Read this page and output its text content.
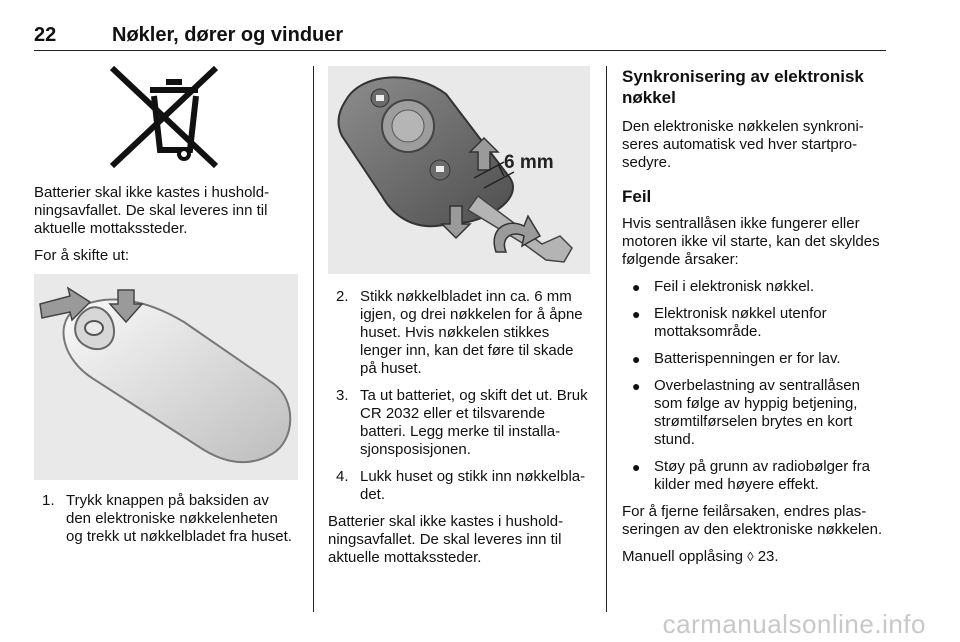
22	Nøkler, dører og vinduer

Batterier skal ikke kastes i husholdningsavfallet. De skal leveres inn til aktuelle mottakssteder.

For å skifte ut:

1. Trykk knappen på baksiden av den elektroniske nøkkelenheten og trekk ut nøkkelbladet fra huset.
6 mm
2. Stikk nøkkelbladet inn ca. 6 mm igjen, og drei nøkkelen for å åpne huset. Hvis nøkkelen stikkes lenger inn, kan det føre til skade på huset.
3. Ta ut batteriet, og skift det ut. Bruk CR 2032 eller et tilsvarende batteri. Legg merke til installasjonsposisjonen.
4. Lukk huset og stikk inn nøkkelbladet.

Batterier skal ikke kastes i husholdningsavfallet. De skal leveres inn til aktuelle mottakssteder.

Synkronisering av elektronisk nøkkel

Den elektroniske nøkkelen synkroniseres automatisk ved hver startprosedyre.

Feil

Hvis sentrallåsen ikke fungerer eller motoren ikke vil starte, kan det skyldes følgende årsaker:

● Feil i elektronisk nøkkel.
● Elektronisk nøkkel utenfor mottaksområde.
● Batterispenningen er for lav.
● Overbelastning av sentrallåsen som følge av hyppig betjening, strømtilførselen brytes en kort stund.
● Støy på grunn av radiobølger fra kilder med høyere effekt.

For å fjerne feilårsaken, endres plasseringen av den elektroniske nøkkelen.

Manuell opplåsing ◊ 23.

carmanualsonline.info
